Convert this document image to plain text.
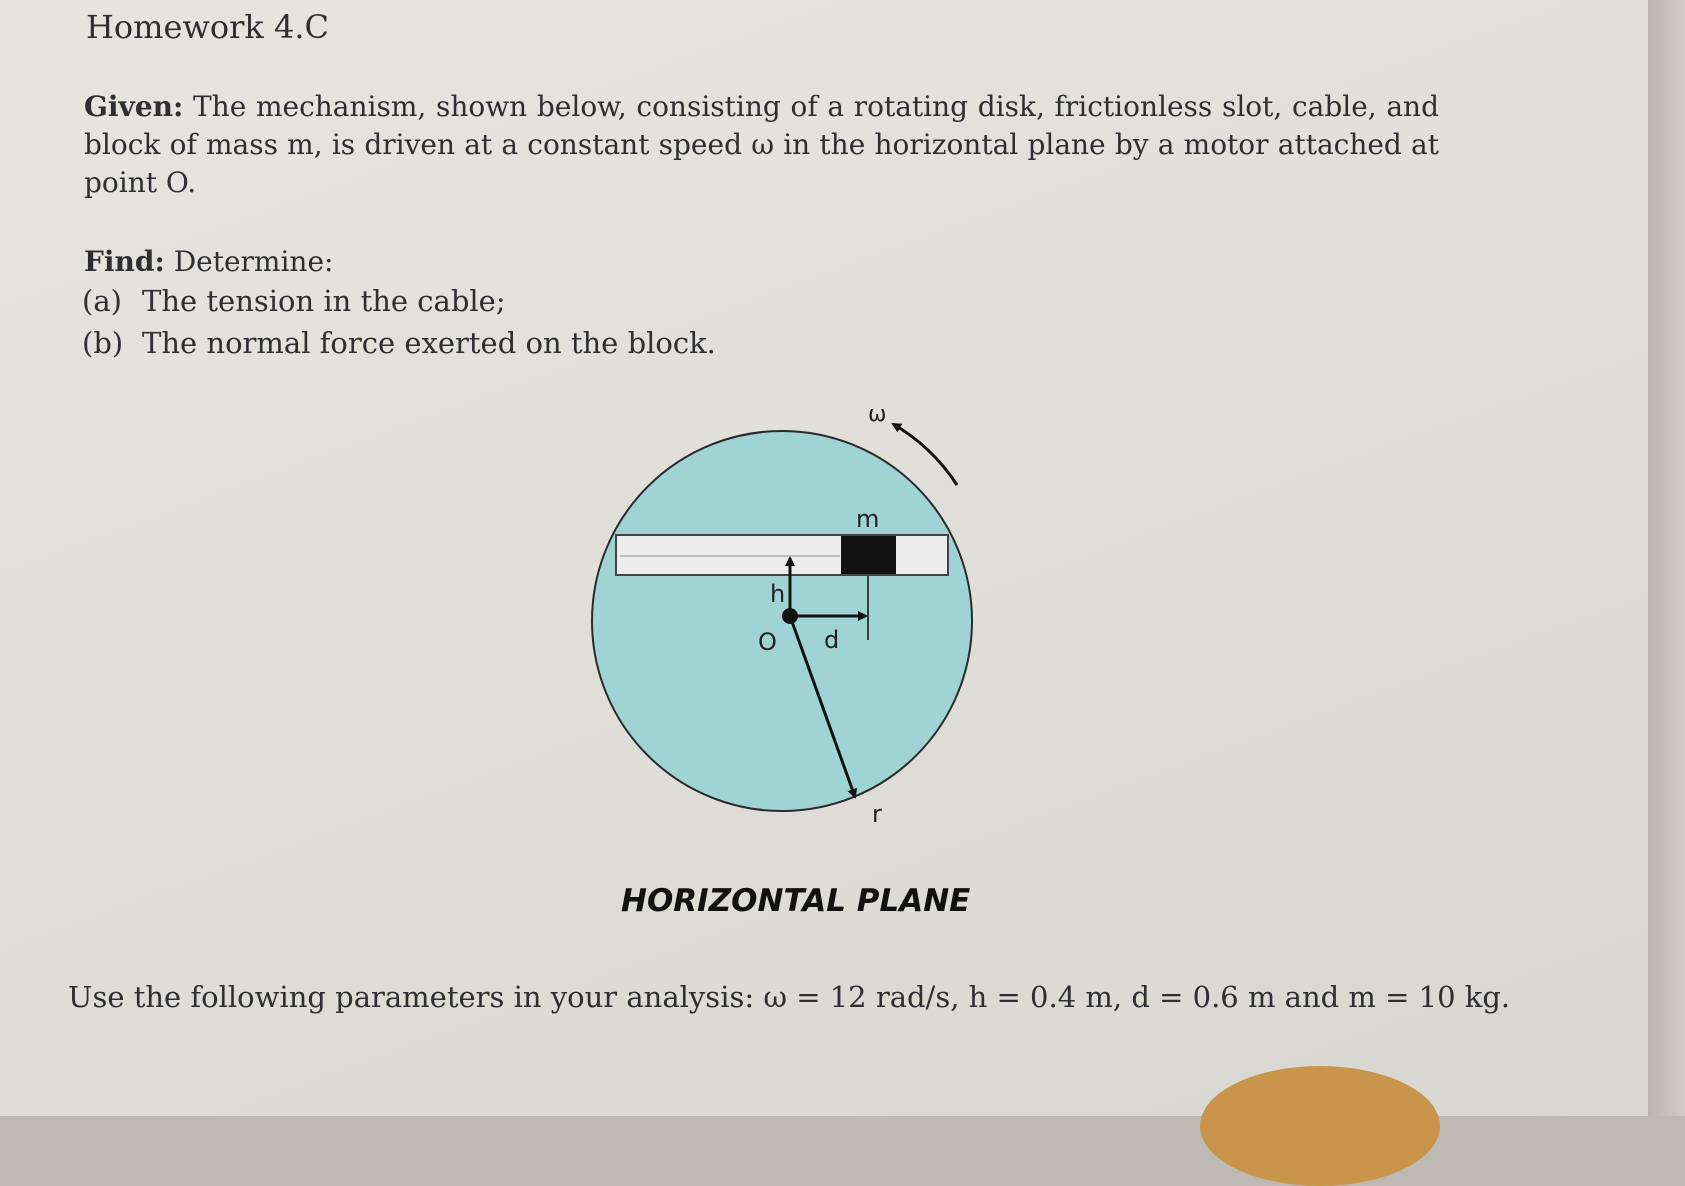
Homework 4.C

Given: The mechanism, shown below, consisting of a rotating disk, frictionless slot, cable, and block of mass m, is driven at a constant speed ω in the horizontal plane by a motor attached at point O.

Find: Determine:

(a) The tension in the cable;
(b) The normal force exerted on the block.
ω
m
h
O d
r
HORIZONTAL PLANE

Use the following parameters in your analysis: ω = 12 rad/s, h = 0.4 m, d = 0.6 m and m = 10 kg.
